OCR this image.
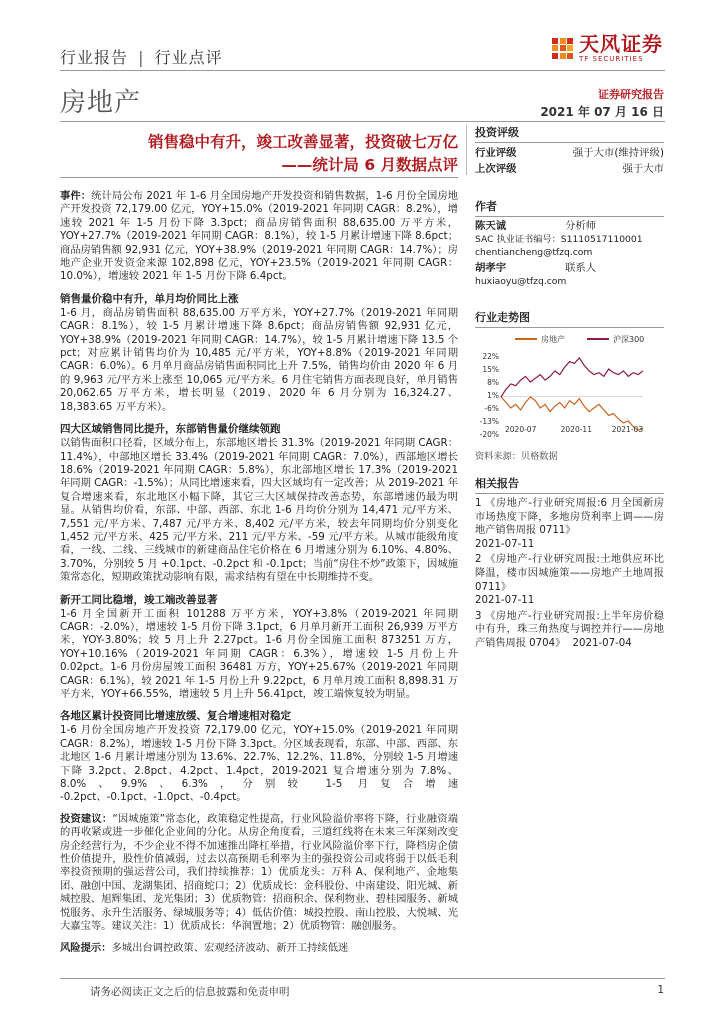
行业报告 | 行业点评
天风证券
TF SECURITIES
房地产	证券研究报告
2021 年 07 月 16 日
销售稳中有升，竣工改善显著，投资破七万亿
——统计局 6 月数据点评

事件：统计局公布 2021 年 1-6 月全国房地产开发投资和销售数据，1-6 月份全国房地产开发投资 72,179.00 亿元，YOY+15.0%（2019-2021 年同期 CAGR：8.2%），增速较 2021 年 1-5 月份下降 3.3pct；商品房销售面积 88,635.00 万平方米，YOY+27.7%（2019-2021 年同期 CAGR：8.1%），较 1-5 月累计增速下降 8.6pct；商品房销售额 92,931 亿元，YOY+38.9%（2019-2021 年同期 CAGR：14.7%）；房地产企业开发资金来源 102,898 亿元，YOY+23.5%（2019-2021 年同期 CAGR：10.0%），增速较 2021 年 1-5 月份下降 6.4pct。

销售量价稳中有升，单月均价同比上涨

1-6 月，商品房销售面积 88,635.00 万平方米，YOY+27.7%（2019-2021 年同期 CAGR：8.1%），较 1-5 月累计增速下降 8.6pct；商品房销售额 92,931 亿元，YOY+38.9%（2019-2021 年同期 CAGR：14.7%），较 1-5 月累计增速下降 13.5 个 pct；对应累计销售均价为 10,485 元/平方米，YOY+8.8%（2019-2021 年同期 CAGR：6.0%）。6 月单月商品房销售面积同比上升 7.5%，销售均价由 2020 年 6 月的 9,963 元/平方米上涨至 10,065 元/平方米。6 月住宅销售方面表现良好，单月销售 20,062.65 万平方米，增长明显（2019、2020 年 6 月分别为 16,324.27、18,383.65 万平方米）。

四大区域销售同比提升，东部销售量价继续领跑

以销售面积口径看，区域分布上，东部地区增长 31.3%（2019-2021 年同期 CAGR：11.4%），中部地区增长 33.4%（2019-2021 年同期 CAGR：7.0%），西部地区增长 18.6%（2019-2021 年同期 CAGR：5.8%），东北部地区增长 17.3%（2019-2021 年同期 CAGR：-1.5%）；从同比增速来看，四大区域均有一定改善；从 2019-2021 年复合增速来看，东北地区小幅下降，其它三大区域保持改善态势，东部增速仍最为明显。从销售均价看，东部、中部、西部、东北 1-6 月均价分别为 14,471 元/平方米、7,551 元/平方米、7,487 元/平方米、8,402 元/平方米，较去年同期均价分别变化 1,452 元/平方米、425 元/平方米、211 元/平方米、-59 元/平方米。从城市能级角度看，一线、二线、三线城市的新建商品住宅价格在 6 月增速分别为 6.10%、4.80%、3.70%，分别较 5 月 +0.1pct、-0.2pct 和 -0.1pct；当前“房住不炒”政策下，因城施策常态化，短期政策扰动影响有限，需求结构有望在中长期维持不变。

新开工同比稳增，竣工端改善显著

1-6 月全国新开工面积 101288 万平方米，YOY+3.8%（2019-2021 年同期 CAGR：-2.0%），增速较 1-5 月份下降 3.1pct，6 月单月新开工面积 26,939 万平方米，YOY-3.80%；较 5 月上升 2.27pct。1-6 月份全国施工面积 873251 万方，YOY+10.16%（2019-2021 年同期 CAGR：6.3%），增速较 1-5 月份上升 0.02pct。1-6 月份房屋竣工面积 36481 万方，YOY+25.67%（2019-2021 年同期 CAGR：6.1%），较 2021 年 1-5 月份上升 9.22pct，6 月单月竣工面积 8,898.31 万平方米，YOY+66.55%，增速较 5 月上升 56.41pct，竣工端恢复较为明显。

各地区累计投资同比增速放缓、复合增速相对稳定

1-6 月份全国房地产开发投资 72,179.00 亿元，YOY+15.0%（2019-2021 年同期 CAGR：8.2%），增速较 1-5 月份下降 3.3pct。分区域表现看，东部、中部、西部、东北地区 1-6 月累计增速分别为 13.6%、22.7%、12.2%、11.8%，分别较 1-5 月增速下降 3.2pct、2.8pct、4.2pct、1.4pct，2019-2021 复合增速分别为 7.8%、8.0%、9.9%、6.3%，分别较 1-5 月复合增速 -0.2pct、-0.1pct、-1.0pct、-0.4pct。

投资建议：“因城施策”常态化，政策稳定性提高，行业风险溢价率将下降，行业融资端的再收紧或进一步催化企业间的分化。从房企角度看，三道红线将在未来三年深刻改变房企经营行为，不少企业不得不加速推出降杠举措，行业风险溢价率下行，降档房企债性价值提升，股性价值减弱，过去以高预期毛利率为主的强投资公司或将弱于以低毛利率投资预期的强运营公司，我们持续推荐：1）优质龙头：万科 A、保利地产、金地集团、融创中国、龙湖集团、招商蛇口；2）优质成长：金科股份、中南建设、阳光城、新城控股、旭辉集团、龙光集团；3）优质物管：招商积余、保利物业、碧桂园服务、新城悦服务、永升生活服务、绿城服务等；4）低估价值：城投控股、南山控股、大悦城、光大嘉宝等。建议关注：1）优质成长：华润置地；2）优质物管：融创服务。

风险提示：多城出台调控政策、宏观经济波动、新开工持续低迷

投资评级
行业评级	强于大市(维持评级)
上次评级	强于大市
作者
陈天诚	分析师
SAC 执业证书编号：S1110517110001
chentiancheng@tfzq.com
胡孝宇	联系人
huxiaoyu@tfzq.com
行业走势图
房地产	沪深300
22%
15%
8%
1%
-6%
-13%
-20%
2020-07	2020-11	2021-03
资料来源：贝格数据
相关报告
1 《房地产-行业研究周报:6 月全国新房市场热度下降，多地房贷利率上调——房地产销售周报 0711》
2021-07-11
2 《房地产-行业研究周报:土地供应环比降温，楼市因城施策——房地产土地周报 0711》
2021-07-11
3 《房地产-行业研究周报:上半年房价稳中有升，珠三角热度与调控并行——房地产销售周报 0704》 2021-07-04
请务必阅读正文之后的信息披露和免责申明	1
